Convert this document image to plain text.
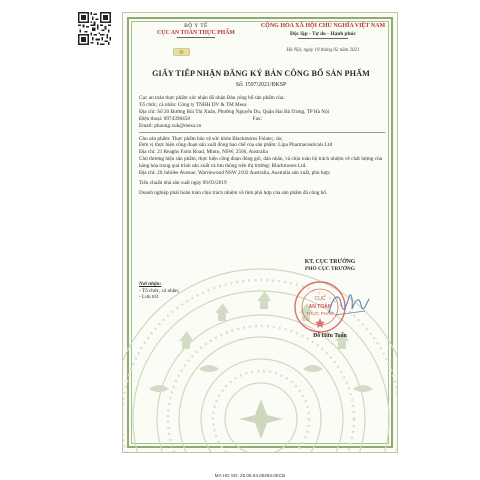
BỘ Y TẾ
CỤC AN TOÀN THỰC PHẨM
CỘNG HÒA XÃ HỘI CHỦ NGHĨA VIỆT NAM
Độc lập - Tự do - Hạnh phúc
Hà Nội, ngày 19 tháng 02 năm 2021
GIẤY TIẾP NHẬN ĐĂNG KÝ BẢN CÔNG BỐ SẢN PHẨM
Số: 1597/2021/ĐKSP

Cục an toàn thực phẩm xác nhận đã nhận Bản công bố sản phẩm của:

Tổ chức, cá nhân: Công ty TNHH DV & TM Mesa

Địa chỉ: Số 20 Đường Bùi Thị Xuân, Phường Nguyễn Du, Quận Hai Bà Trưng, TP Hà Nội

Điện thoại: 0974398458	Fax:

Email: phuong.xuk@mesa.vn

Cho sản phẩm: Thực phẩm bảo vệ sức khỏe Blackmores Folate;; do;

Đơn vị thực hiện công đoạn sản xuất đóng bao chế của sản phẩm: Lipa Pharmaceuticals Ltd

Địa chỉ: 21 Reaghs Farm Road, Minto, NSW, 2566, Australia

Chủ thương hiệu sản phẩm, thực hiện công đoạn đóng gói, dán nhãn, và chịu toàn bộ trách nhiệm về chất lượng của hàng hóa trong quá trình sản xuất và lưu thông trên thị trường: Blackmores Ltd.

Địa chỉ: 20 Jubilee Avenue, Warriewood NSW 2102 Australia, Australia sản xuất, phù hợp:

Tiêu chuẩn nhà sản xuất ngày 09/03/2019

Doanh nghiệp phải hoàn toàn chịu trách nhiệm về tính phù hợp của sản phẩm đã công bố.

Nơi nhận:
- Tổ chức, cá nhân;
- Lưu trữ.
KT. CỤC TRƯỞNG
PHÓ CỤC TRƯỞNG
CỤC
AN TOÀN
THỰC PHẨM
Đỗ Hữu Tuấn
MA HO SO: 20.05.04.00294.0KCB
